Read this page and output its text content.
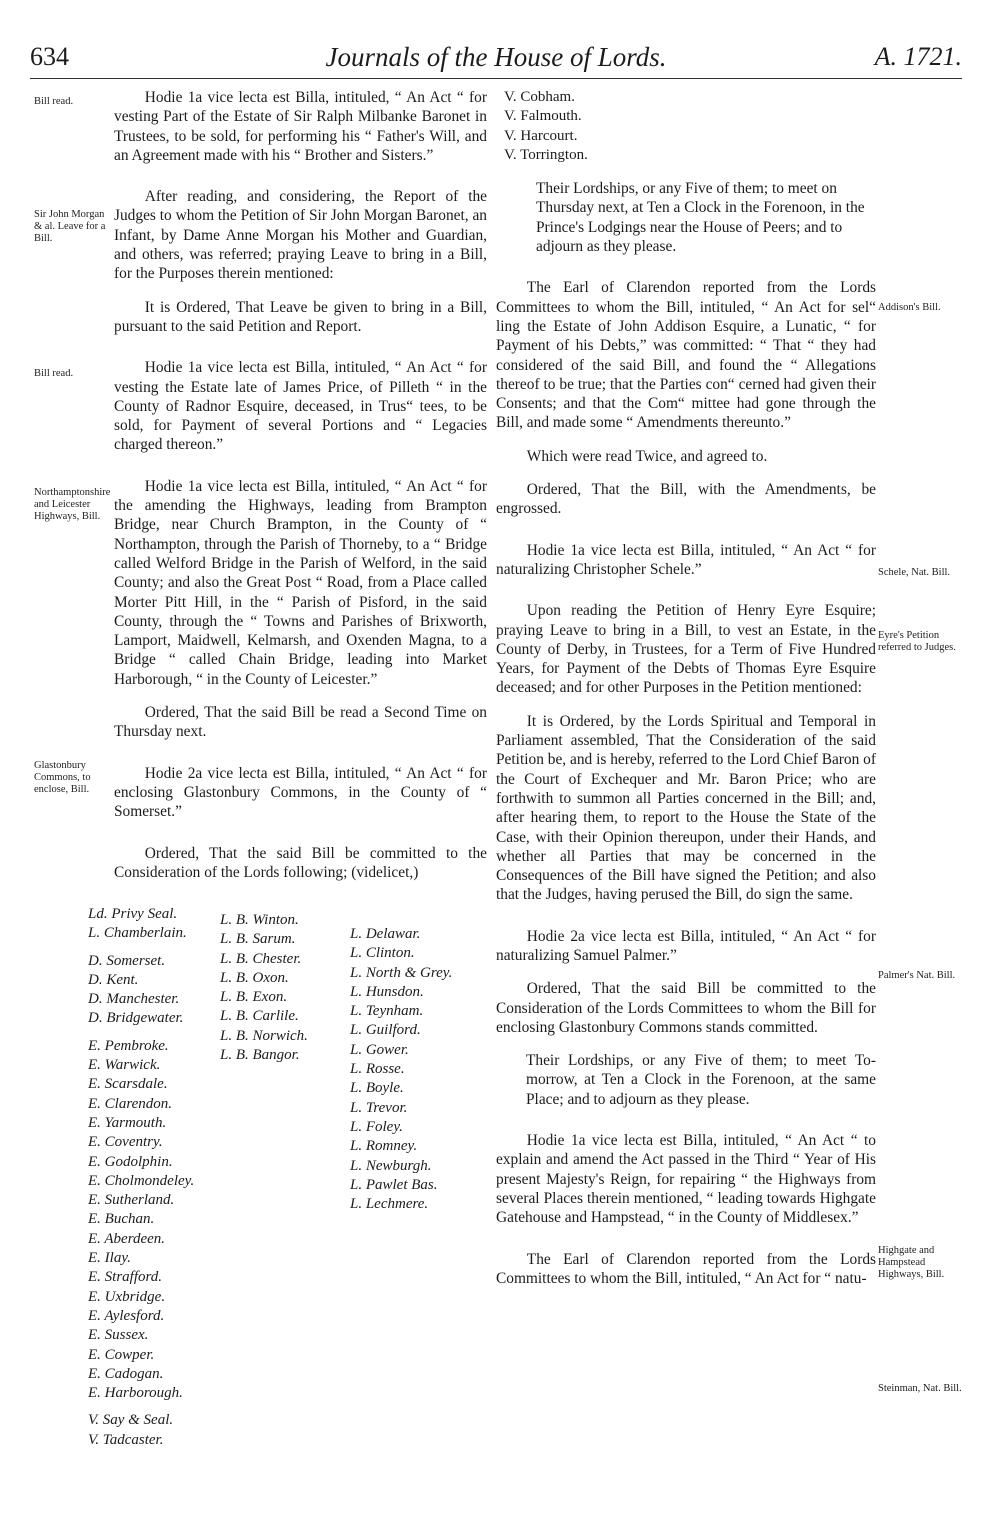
634	Journals of the House of Lords.	A. 1721.
Bill read.
Sir John Morgan & al. Leave for a Bill.
Bill read.
Northamptonshire and Leicester Highways, Bill.
Glastonbury Commons, to enclose, Bill.
Addison's Bill.
Schele, Nat. Bill.
Eyre's Petition referred to Judges.
Palmer's Nat. Bill.
Highgate and Hampstead Highways, Bill.
Steinman, Nat. Bill.

Hodie 1a vice lecta est Billa, intituled, “ An Act “ for vesting Part of the Estate of Sir Ralph Milbanke Baronet in Trustees, to be sold, for performing his “ Father's Will, and an Agreement made with his “ Brother and Sisters.”

After reading, and considering, the Report of the Judges to whom the Petition of Sir John Morgan Baronet, an Infant, by Dame Anne Morgan his Mother and Guardian, and others, was referred; praying Leave to bring in a Bill, for the Purposes therein mentioned:

It is Ordered, That Leave be given to bring in a Bill, pursuant to the said Petition and Report.

Hodie 1a vice lecta est Billa, intituled, “ An Act “ for vesting the Estate late of James Price, of Pilleth “ in the County of Radnor Esquire, deceased, in Trus“ tees, to be sold, for Payment of several Portions and “ Legacies charged thereon.”

Hodie 1a vice lecta est Billa, intituled, “ An Act “ for the amending the Highways, leading from Brampton Bridge, near Church Brampton, in the County of “ Northampton, through the Parish of Thorneby, to a “ Bridge called Welford Bridge in the Parish of Welford, in the said County; and also the Great Post “ Road, from a Place called Morter Pitt Hill, in the “ Parish of Pisford, in the said County, through the “ Towns and Parishes of Brixworth, Lamport, Maidwell, Kelmarsh, and Oxenden Magna, to a Bridge “ called Chain Bridge, leading into Market Harborough, “ in the County of Leicester.”

Ordered, That the said Bill be read a Second Time on Thursday next.

Hodie 2a vice lecta est Billa, intituled, “ An Act “ for enclosing Glastonbury Commons, in the County of “ Somerset.”

Ordered, That the said Bill be committed to the Consideration of the Lords following; (videlicet,)

Ld. Privy Seal.
L. Chamberlain.
D. Somerset.
D. Kent.
D. Manchester.
D. Bridgewater.
E. Pembroke.
E. Warwick.
E. Scarsdale.
E. Clarendon.
E. Yarmouth.
E. Coventry.
E. Godolphin.
E. Cholmondeley.
E. Sutherland.
E. Buchan.
E. Aberdeen.
E. Ilay.
E. Strafford.
E. Uxbridge.
E. Aylesford.
E. Sussex.
E. Cowper.
E. Cadogan.
E. Harborough.
V. Say & Seal.
V. Tadcaster.
L. B. Winton.
L. B. Sarum.
L. B. Chester.
L. B. Oxon.
L. B. Exon.
L. B. Carlile.
L. B. Norwich.
L. B. Bangor.
L. Delawar.
L. Clinton.
L. North & Grey.
L. Hunsdon.
L. Teynham.
L. Guilford.
L. Gower.
L. Rosse.
L. Boyle.
L. Trevor.
L. Foley.
L. Romney.
L. Newburgh.
L. Pawlet Bas.
L. Lechmere.
V. Cobham.
V. Falmouth.
V. Harcourt.
V. Torrington.

Their Lordships, or any Five of them; to meet on Thursday next, at Ten a Clock in the Forenoon, in the Prince's Lodgings near the House of Peers; and to adjourn as they please.

The Earl of Clarendon reported from the Lords Committees to whom the Bill, intituled, “ An Act for sel“ ling the Estate of John Addison Esquire, a Lunatic, “ for Payment of his Debts,” was committed: “ That “ they had considered of the said Bill, and found the “ Allegations thereof to be true; that the Parties con“ cerned had given their Consents; and that the Com“ mittee had gone through the Bill, and made some “ Amendments thereunto.”

Which were read Twice, and agreed to.

Ordered, That the Bill, with the Amendments, be engrossed.

Hodie 1a vice lecta est Billa, intituled, “ An Act “ for naturalizing Christopher Schele.”

Upon reading the Petition of Henry Eyre Esquire; praying Leave to bring in a Bill, to vest an Estate, in the County of Derby, in Trustees, for a Term of Five Hundred Years, for Payment of the Debts of Thomas Eyre Esquire deceased; and for other Purposes in the Petition mentioned:

It is Ordered, by the Lords Spiritual and Temporal in Parliament assembled, That the Consideration of the said Petition be, and is hereby, referred to the Lord Chief Baron of the Court of Exchequer and Mr. Baron Price; who are forthwith to summon all Parties concerned in the Bill; and, after hearing them, to report to the House the State of the Case, with their Opinion thereupon, under their Hands, and whether all Parties that may be concerned in the Consequences of the Bill have signed the Petition; and also that the Judges, having perused the Bill, do sign the same.

Hodie 2a vice lecta est Billa, intituled, “ An Act “ for naturalizing Samuel Palmer.”

Ordered, That the said Bill be committed to the Consideration of the Lords Committees to whom the Bill for enclosing Glastonbury Commons stands committed.

Their Lordships, or any Five of them; to meet To-morrow, at Ten a Clock in the Forenoon, at the same Place; and to adjourn as they please.

Hodie 1a vice lecta est Billa, intituled, “ An Act “ to explain and amend the Act passed in the Third “ Year of His present Majesty's Reign, for repairing “ the Highways from several Places therein mentioned, “ leading towards Highgate Gatehouse and Hampstead, “ in the County of Middlesex.”

The Earl of Clarendon reported from the Lords Committees to whom the Bill, intituled, “ An Act for “ natu-
